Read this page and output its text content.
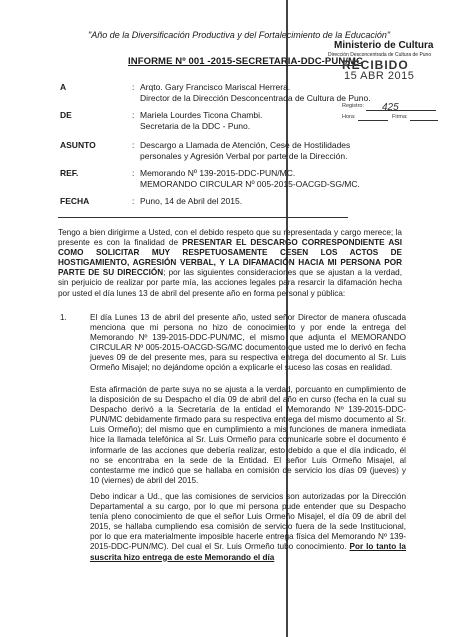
"Año de la Diversificación Productiva y del Fortalecimiento de la Educación"
INFORME Nº 001 -2015-SECRETARIA-DDC-PUN/MC
Ministerio de Cultura
Dirección Desconcentrada de Cultura de Puno
RECIBIDO
15 ABR 2015
Registro: 425
Hora:	Firma:
A	: Arqto. Gary Francisco Mariscal Herrera.
Director de la Dirección Desconcentrada de Cultura de Puno.
DE	: Mariela Lourdes Ticona Chambi.
Secretaria de la DDC - Puno.
ASUNTO	: Descargo a Llamada de Atención, Cese de Hostilidades
personales y Agresión Verbal por parte de la Dirección.
REF.	: Memorando Nº 139-2015-DDC-PUN/MC.
MEMORANDO CIRCULAR Nº 005-2015-OACGD-SG/MC.
FECHA	: Puno, 14 de Abril del 2015.
Tengo a bien dirigirme a Usted, con el debido respeto que su representada y cargo merece; la presente es con la finalidad de PRESENTAR EL DESCARGO CORRESPONDIENTE ASI COMO SOLICITAR MUY RESPETUOSAMENTE CESEN LOS ACTOS DE HOSTIGAMIENTO, AGRESIÓN VERBAL, Y LA DIFAMACIÓN HACIA MI PERSONA POR PARTE DE SU DIRECCIÓN; por las siguientes consideraciones que se ajustan a la verdad, sin perjuicio de realizar por parte mía, las acciones legales para resarcir la difamación hecha por usted el día lunes 13 de abril del presente año en forma personal y pública:
1.	El día Lunes 13 de abril del presente año, usted señor Director de manera ofuscada menciona que mi persona no hizo de conocimiento y por ende la entrega del Memorando Nº 139-2015-DDC-PUN/MC, el mismo que adjunta el MEMORANDO CIRCULAR Nº 005-2015-OACGD-SG/MC documento que usted me lo derivó en fecha jueves 09 de del presente mes, para su respectiva entrega del documento al Sr. Luis Ormeño Misajel; no dejándome opción a explicarle el suceso las cosas en realidad.
Esta afirmación de parte suya no se ajusta a la verdad, porcuanto en cumplimiento de la disposición de su Despacho el día 09 de abril del año en curso (fecha en la cual su Despacho derivó a la Secretaría de la entidad el Memorando Nº 139-2015-DDC-PUN/MC debidamente firmado para su respectiva entrega del mismo documento al Sr. Luis Ormeño); del mismo que en cumplimiento a mis funciones de manera inmediata hice la llamada telefónica al Sr. Luis Ormeño para comunicarle sobre el documento é informarle de las acciones que debería realizar, esto debido a que el día indicado, él no se encontraba en la sede de la Entidad. El señor Luis Ormeño Misajel, al contestarme me indicó que se hallaba en comisión de servicio los días 09 (jueves) y 10 (viernes) de abril del 2015.
Debo indicar a Ud., que las comisiones de servicios son autorizadas por la Dirección Departamental a su cargo, por lo que mi persona pude entender que su Despacho tenía pleno conocimiento de que el señor Luis Ormeño Misajel, el día 09 de abril del 2015, se hallaba cumpliendo esa comisión de servicio fuera de la sede Institucional, por lo que era materialmente imposible hacerle entrega física del Memorando Nº 139-2015-DDC-PUN/MC). Del cual el Sr. Luis Ormeño tubo conocimiento. Por lo tanto la suscrita hizo entrega de este Memorando el día
